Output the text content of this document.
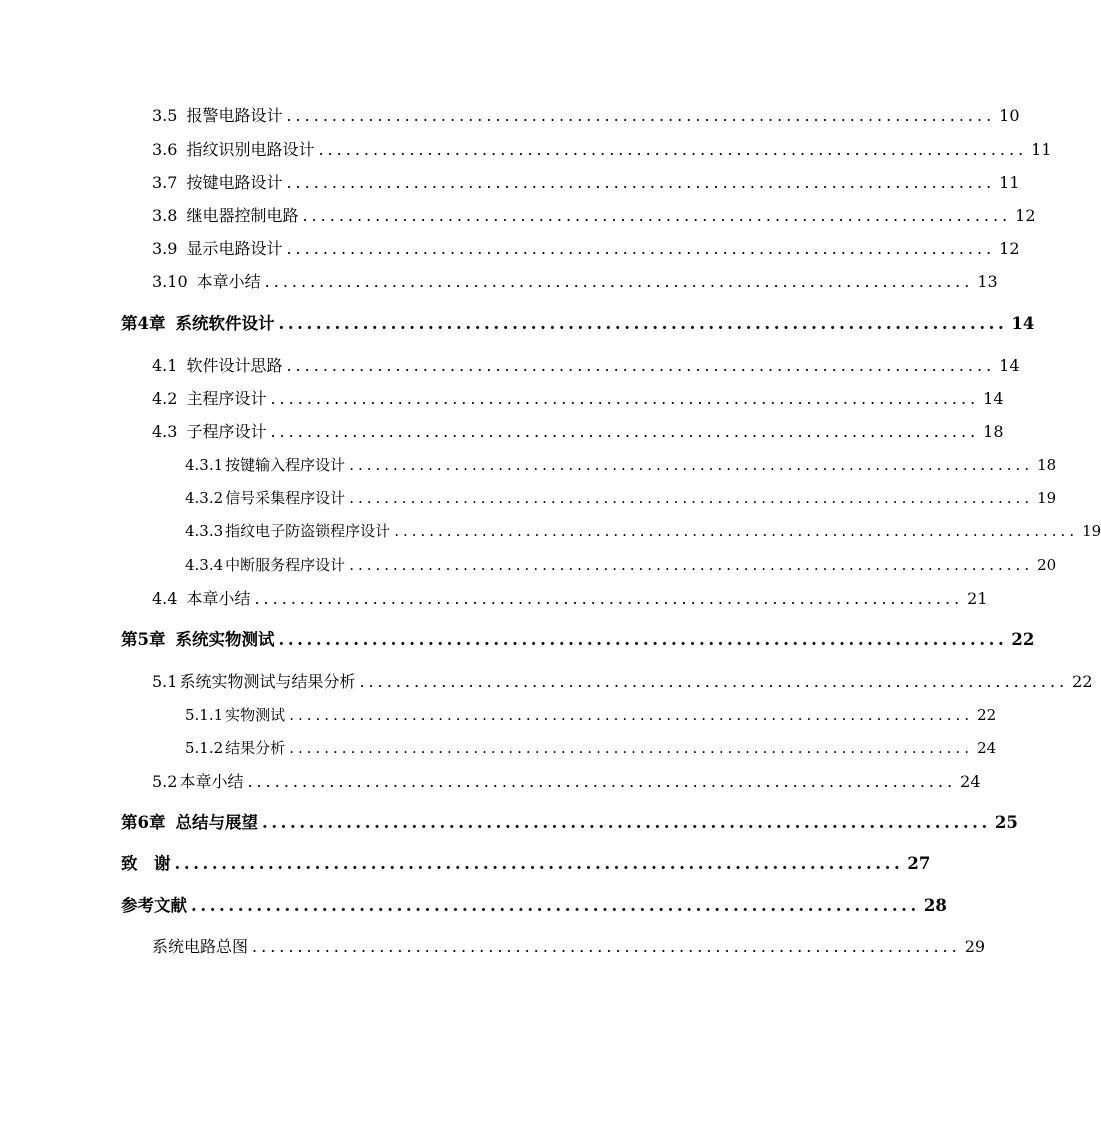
3.5 报警电路设计 .............................................................................. 10
3.6 指纹识别电路设计 .............................................................................. 11
3.7 按键电路设计 .............................................................................. 11
3.8 继电器控制电路 .............................................................................. 12
3.9 显示电路设计 .............................................................................. 12
3.10 本章小结 .............................................................................. 13
第4章 系统软件设计 .............................................................................. 14
4.1 软件设计思路 .............................................................................. 14
4.2 主程序设计 .............................................................................. 14
4.3 子程序设计 .............................................................................. 18
4.3.1 按键输入程序设计 .............................................................................. 18
4.3.2 信号采集程序设计 .............................................................................. 19
4.3.3 指纹电子防盗锁程序设计 .............................................................................. 19
4.3.4 中断服务程序设计 .............................................................................. 20
4.4 本章小结 .............................................................................. 21
第5章 系统实物测试 .............................................................................. 22
5.1 系统实物测试与结果分析 .............................................................................. 22
5.1.1 实物测试 .............................................................................. 22
5.1.2 结果分析 .............................................................................. 24
5.2 本章小结 .............................................................................. 24
第6章 总结与展望 .............................................................................. 25
致　谢 .............................................................................. 27
参考文献 .............................................................................. 28
系统电路总图 .............................................................................. 29
